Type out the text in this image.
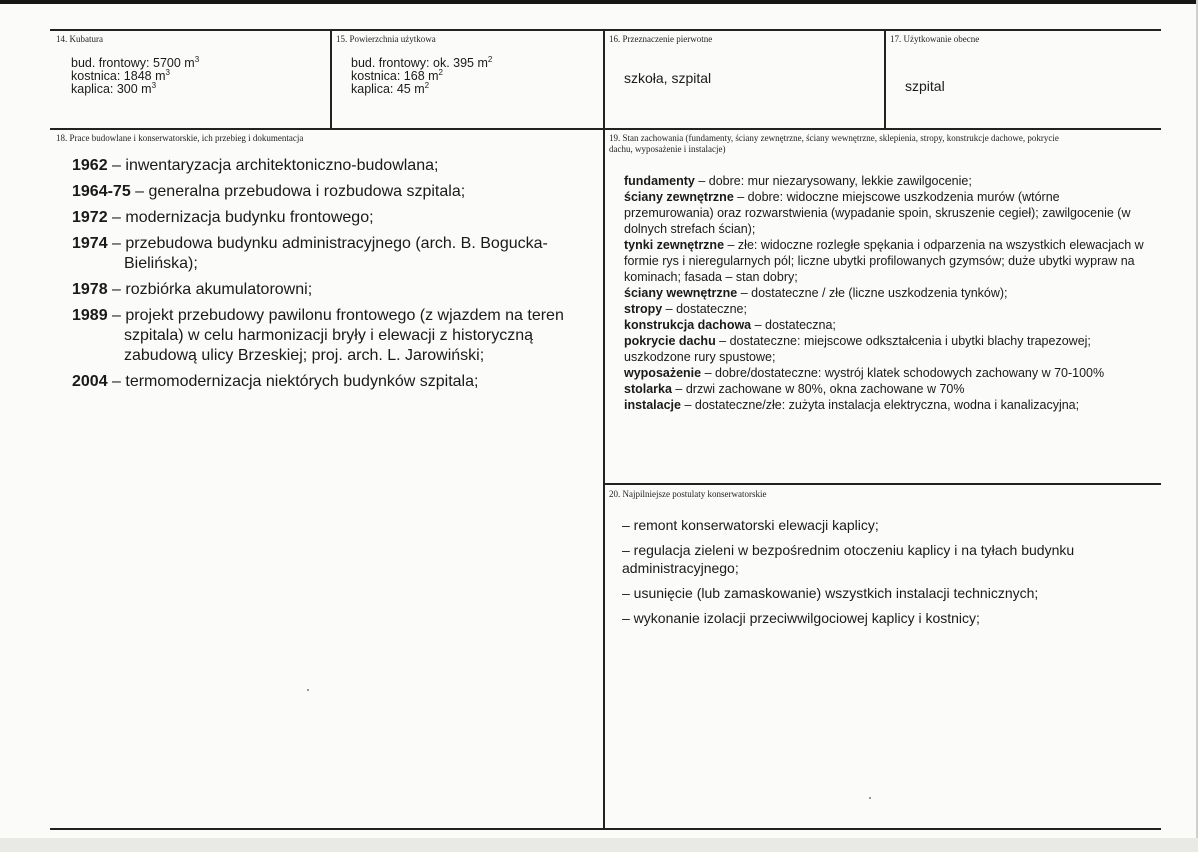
14. Kubatura
bud. frontowy: 5700 $m^3$
kostnica: 1848 $m^3$
kaplica: 300 $m^3$
15. Powierzchnia użytkowa
bud. frontowy: ok. 395 $m^2$
kostnica: 168 $m^2$
kaplica: 45 $m^2$
16. Przeznaczenie pierwotne
szkoła, szpital
17. Użytkowanie obecne
szpital
18. Prace budowlane i konserwatorskie, ich przebieg i dokumentacja
1962 – inwentaryzacja architektoniczno-budowlana;
1964-75 – generalna przebudowa i rozbudowa szpitala;
1972 – modernizacja budynku frontowego;
1974 – przebudowa budynku administracyjnego (arch. B. Bogucka-
Bielińska);
1978 – rozbiórka akumulatorowni;
1989 – projekt przebudowy pawilonu frontowego (z wjazdem na teren
szpitala) w celu harmonizacji bryły i elewacji z historyczną zabudową ulicy Brzeskiej; proj. arch. L. Jarowiński;
2004 – termomodernizacja niektórych budynków szpitala;
19. Stan zachowania (fundamenty, ściany zewnętrzne, ściany wewnętrzne, sklepienia, stropy, konstrukcje dachowe, pokrycie dachu, wyposażenie i instalacje)
fundamenty – dobre: mur niezarysowany, lekkie zawilgocenie;
ściany zewnętrzne – dobre: widoczne miejscowe uszkodzenia murów (wtórne przemurowania) oraz rozwarstwienia (wypadanie spoin, skruszenie cegieł); zawilgocenie (w dolnych strefach ścian);
tynki zewnętrzne – złe: widoczne rozległe spękania i odparzenia na wszystkich elewacjach w formie rys i nieregularnych pól; liczne ubytki profilowanych gzymsów; duże ubytki wypraw na kominach; fasada – stan dobry;
ściany wewnętrzne – dostateczne / złe (liczne uszkodzenia tynków);
stropy – dostateczne;
konstrukcja dachowa – dostateczna;
pokrycie dachu – dostateczne: miejscowe odkształcenia i ubytki blachy trapezowej; uszkodzone rury spustowe;
wyposażenie – dobre/dostateczne: wystrój klatek schodowych zachowany w 70-100%
stolarka – drzwi zachowane w 80%, okna zachowane w 70%
instalacje – dostateczne/złe: zużyta instalacja elektryczna, wodna i kanalizacyjna;
20. Najpilniejsze postulaty konserwatorskie
– remont konserwatorski elewacji kaplicy;
– regulacja zieleni w bezpośrednim otoczeniu kaplicy i na tyłach budynku administracyjnego;
– usunięcie (lub zamaskowanie) wszystkich instalacji technicznych;
– wykonanie izolacji przeciwwilgociowej kaplicy i kostnicy;
